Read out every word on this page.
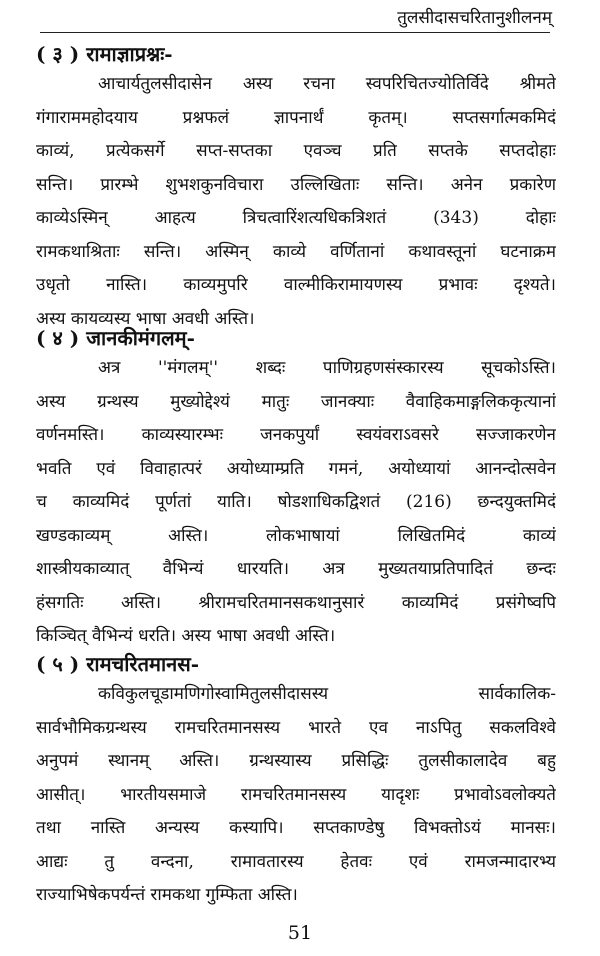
तुलसीदासचरितानुशीलनम्
( ३ ) रामाज्ञाप्रश्नः-
आचार्यतुलसीदासेन अस्य रचना स्वपरिचितज्योतिर्विदे श्रीमते
गंगाराममहोदयाय प्रश्नफलं ज्ञापनार्थं कृतम्। सप्तसर्गात्मकमिदं
काव्यं, प्रत्येकसर्गे सप्त-सप्तका एवञ्च प्रति सप्तके सप्तदोहाः
सन्ति। प्रारम्भे शुभशकुनविचारा उल्लिखिताः सन्ति। अनेन प्रकारेण
काव्येऽस्मिन् आहत्य त्रिचत्वारिंशत्यधिकत्रिशतं (343) दोहाः
रामकथाश्रिताः सन्ति। अस्मिन् काव्ये वर्णितानां कथावस्तूनां घटनाक्रम
उधृतो नास्ति। काव्यमुपरि वाल्मीकिरामायणस्य प्रभावः दृश्यते।
अस्य कायव्यस्य भाषा अवधी अस्ति।
( ४ ) जानकीमंगलम्-
अत्र ''मंगलम्'' शब्दः पाणिग्रहणसंस्कारस्य सूचकोऽस्ति।
अस्य ग्रन्थस्य मुख्योद्देश्यं मातुः जानक्याः वैवाहिकमाङ्गलिककृत्यानां
वर्णनमस्ति। काव्यस्यारम्भः जनकपुर्यां स्वयंवराऽवसरे सज्जाकरणेन
भवति एवं विवाहात्परं अयोध्याम्प्रति गमनं, अयोध्यायां आनन्दोत्सवेन
च काव्यमिदं पूर्णतां याति। षोडशाधिकद्विशतं (216) छन्दयुक्तमिदं
खण्डकाव्यम् अस्ति। लोकभाषायां लिखितमिदं काव्यं
शास्त्रीयकाव्यात् वैभिन्यं धारयति। अत्र मुख्यतयाप्रतिपादितं छन्दः
हंसगतिः अस्ति। श्रीरामचरितमानसकथानुसारं काव्यमिदं प्रसंगेष्वपि
किञ्चित् वैभिन्यं धरति। अस्य भाषा अवधी अस्ति।
( ५ ) रामचरितमानस-
कविकुलचूडामणिगोस्वामितुलसीदासस्य सार्वकालिक-
सार्वभौमिकग्रन्थस्य रामचरितमानसस्य भारते एव नाऽपितु सकलविश्वे
अनुपमं स्थानम् अस्ति। ग्रन्थस्यास्य प्रसिद्धिः तुलसीकालादेव बहु
आसीत्। भारतीयसमाजे रामचरितमानसस्य यादृशः प्रभावोऽवलोक्यते
तथा नास्ति अन्यस्य कस्यापि। सप्तकाण्डेषु विभक्तोऽयं मानसः।
आद्यः तु वन्दना, रामावतारस्य हेतवः एवं रामजन्मादारभ्य
राज्याभिषेकपर्यन्तं रामकथा गुम्फिता अस्ति।
51
